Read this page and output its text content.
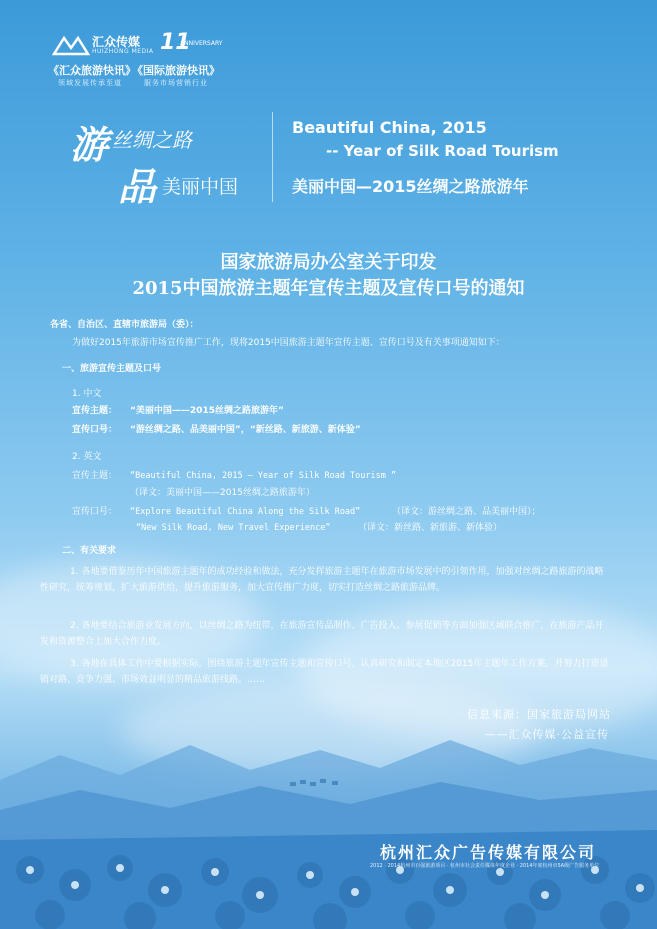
汇众传媒
HUIZHONG MEDIA 11
ANNIVERSARY
《汇众旅游快讯》
领域发展传承至道
《国际旅游快讯》
服务市场营销行业
游 丝绸之路
品 美丽中国
Beautiful China, 2015
-- Year of Silk Road Tourism
美丽中国—2015丝绸之路旅游年
国家旅游局办公室关于印发
2015中国旅游主题年宣传主题及宣传口号的通知
各省、自治区、直辖市旅游局（委）：
为做好2015年旅游市场宣传推广工作，现将2015中国旅游主题年宣传主题、宣传口号及有关事项通知如下：
一、旅游宣传主题及口号
1. 中文
宣传主题： “美丽中国——2015丝绸之路旅游年”
宣传口号： “游丝绸之路、品美丽中国”，“新丝路、新旅游、新体验”
2. 英文
宣传主题： “Beautiful China, 2015 — Year of Silk Road Tourism ”
（译文：美丽中国——2015丝绸之路旅游年）
宣传口号： “Explore Beautiful China Along the Silk Road”	（译文：游丝绸之路、品美丽中国）；
“New Silk Road, New Travel Experience”	（译文：新丝路、新旅游、新体验）
二、有关要求
1. 各地要借鉴历年中国旅游主题年的成功经验和做法，充分发挥旅游主题年在旅游市场发展中的引领作用，加强对丝绸之路旅游的战略性研究，统筹规划，扩大旅游供给，提升旅游服务，加大宣传推广力度，切实打造丝绸之路旅游品牌。
2. 各地要结合旅游业发展方向，以丝绸之路为纽带，在旅游宣传品制作、广告投入、参展促销等方面加强区域联合推广，在旅游产品开发和资源整合上加大合作力度。
3. 各地在具体工作中要根据实际，围绕旅游主题年宣传主题和宣传口号，认真研究和制定本地区2015年主题年工作方案，并努力打造适销对路、竞争力强、市场效益明显的精品旅游线路。……
信息来源：国家旅游局网站
——汇众传媒·公益宣传
杭州汇众广告传媒有限公司
2012 · 2014杭州市百强旅游项目 · 杭州市社会责任媒体年度企业 · 2014年度杭州市5A级广告服务单位
